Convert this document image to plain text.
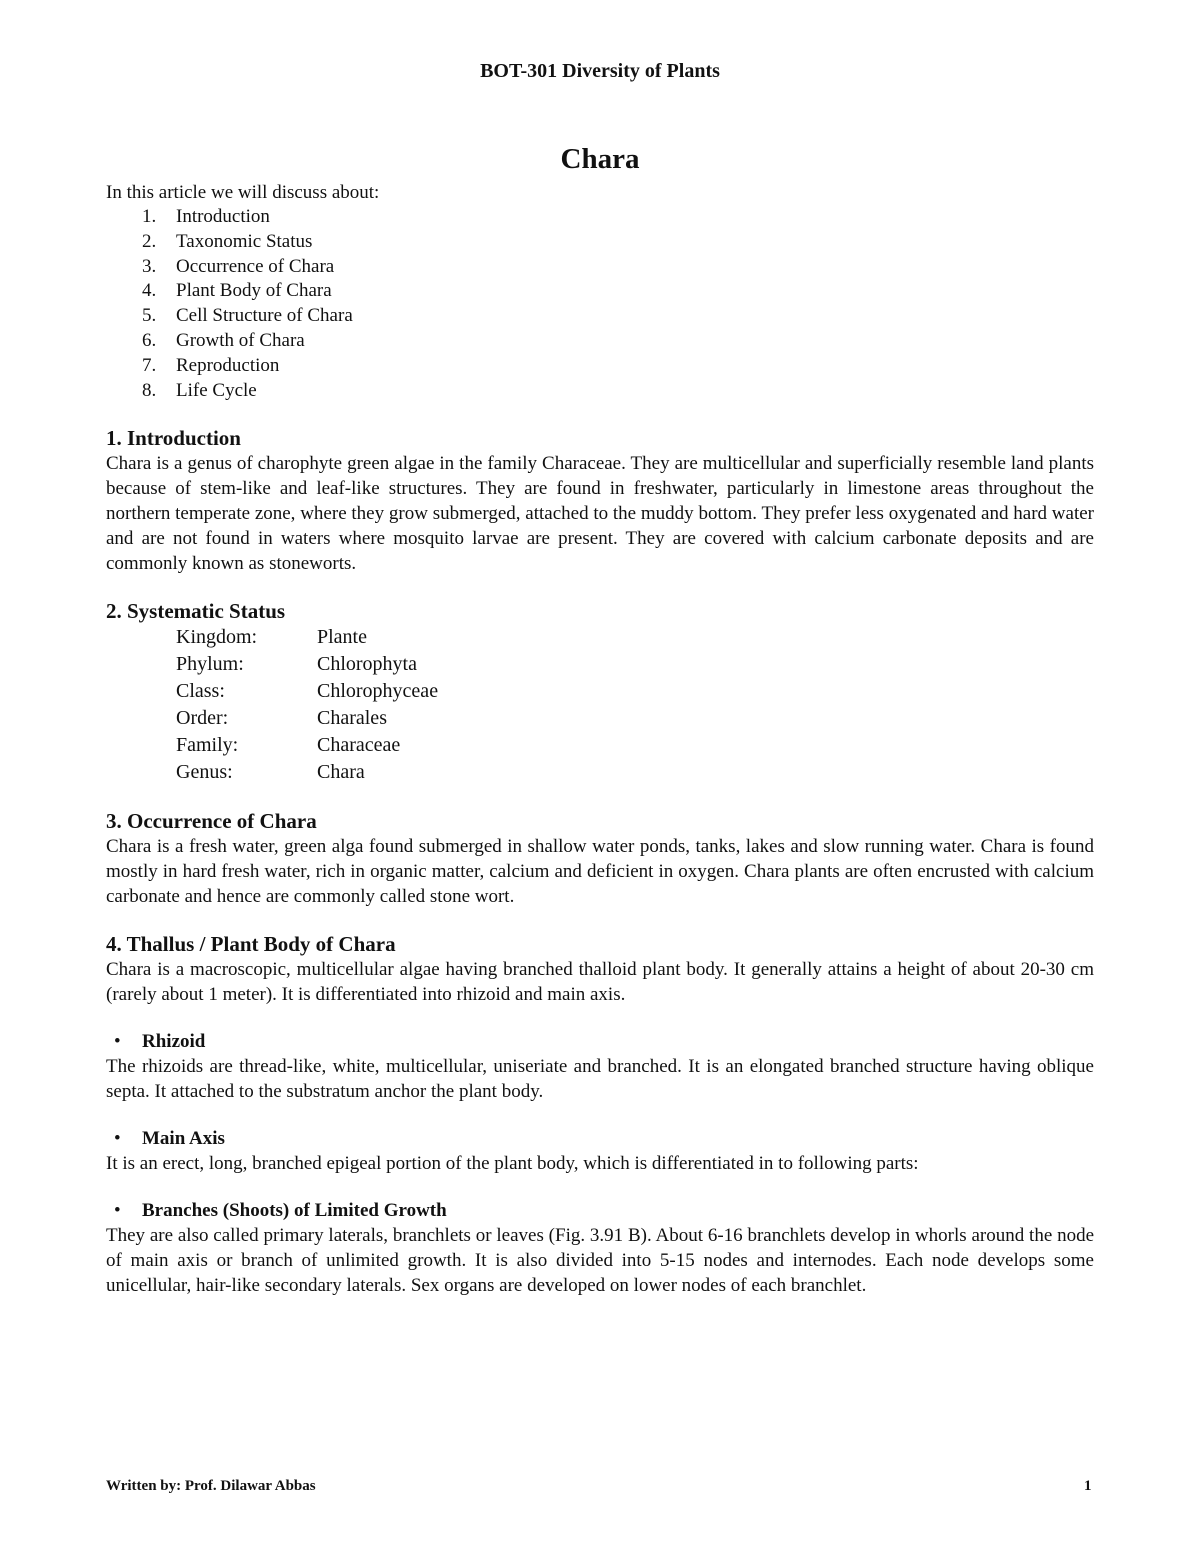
BOT-301 Diversity of Plants
Chara

In this article we will discuss about:

1. Introduction
2. Taxonomic Status
3. Occurrence of Chara
4. Plant Body of Chara
5. Cell Structure of Chara
6. Growth of Chara
7. Reproduction
8. Life Cycle
1. Introduction

Chara is a genus of charophyte green algae in the family Characeae. They are multicellular and superficially resemble land plants because of stem-like and leaf-like structures. They are found in freshwater, particularly in limestone areas throughout the northern temperate zone, where they grow submerged, attached to the muddy bottom. They prefer less oxygenated and hard water and are not found in waters where mosquito larvae are present. They are covered with calcium carbonate deposits and are commonly known as stoneworts.

2. Systematic Status
Kingdom:	Plante
Phylum:	Chlorophyta
Class:	Chlorophyceae
Order:	Charales
Family:	Characeae
Genus:	Chara
3. Occurrence of Chara

Chara is a fresh water, green alga found submerged in shallow water ponds, tanks, lakes and slow running water. Chara is found mostly in hard fresh water, rich in organic matter, calcium and deficient in oxygen. Chara plants are often encrusted with calcium carbonate and hence are commonly called stone wort.

4. Thallus / Plant Body of Chara

Chara is a macroscopic, multicellular algae having branched thalloid plant body. It generally attains a height of about 20-30 cm (rarely about 1 meter). It is differentiated into rhizoid and main axis.

• Rhizoid

The rhizoids are thread-like, white, multicellular, uniseriate and branched. It is an elongated branched structure having oblique septa. It attached to the substratum anchor the plant body.

• Main Axis

It is an erect, long, branched epigeal portion of the plant body, which is differentiated in to following parts:

• Branches (Shoots) of Limited Growth

They are also called primary laterals, branchlets or leaves (Fig. 3.91 B). About 6-16 branchlets develop in whorls around the node of main axis or branch of unlimited growth. It is also divided into 5-15 nodes and internodes. Each node develops some unicellular, hair-like secondary laterals. Sex organs are developed on lower nodes of each branchlet.

Written by: Prof. Dilawar Abbas	1
